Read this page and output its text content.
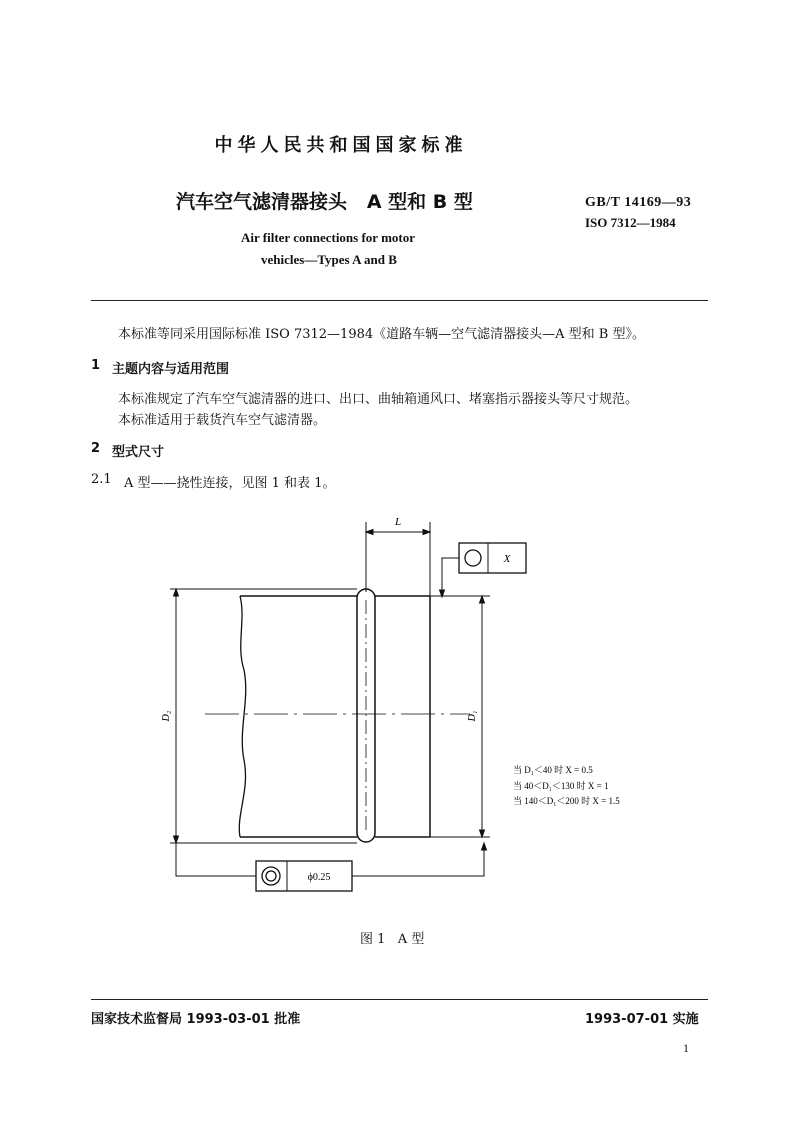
中华人民共和国国家标准
汽车空气滤清器接头   A 型和 B 型	GB/T 14169—93
ISO 7312—1984
Air filter connections for motor
vehicles—Types A and B
本标准等同采用国际标准 ISO 7312—1984《道路车辆—空气滤清器接头—A 型和 B 型》。
1 主题内容与适用范围
本标准规定了汽车空气滤清器的进口、出口、曲轴箱通风口、堵塞指示器接头等尺寸规范。
本标准适用于载货汽车空气滤清器。
2 型式尺寸
2.1 A 型——挠性连接，见图 1 和表 1。
L
X
D₂	D₁
ϕ0.25
当 D₁＜40 时 X = 0.5
当 40＜D₁＜130 时 X = 1
当 140＜D₁＜200 时 X = 1.5
图 1   A 型
国家技术监督局 1993-03-01 批准	1993-07-01 实施
1
